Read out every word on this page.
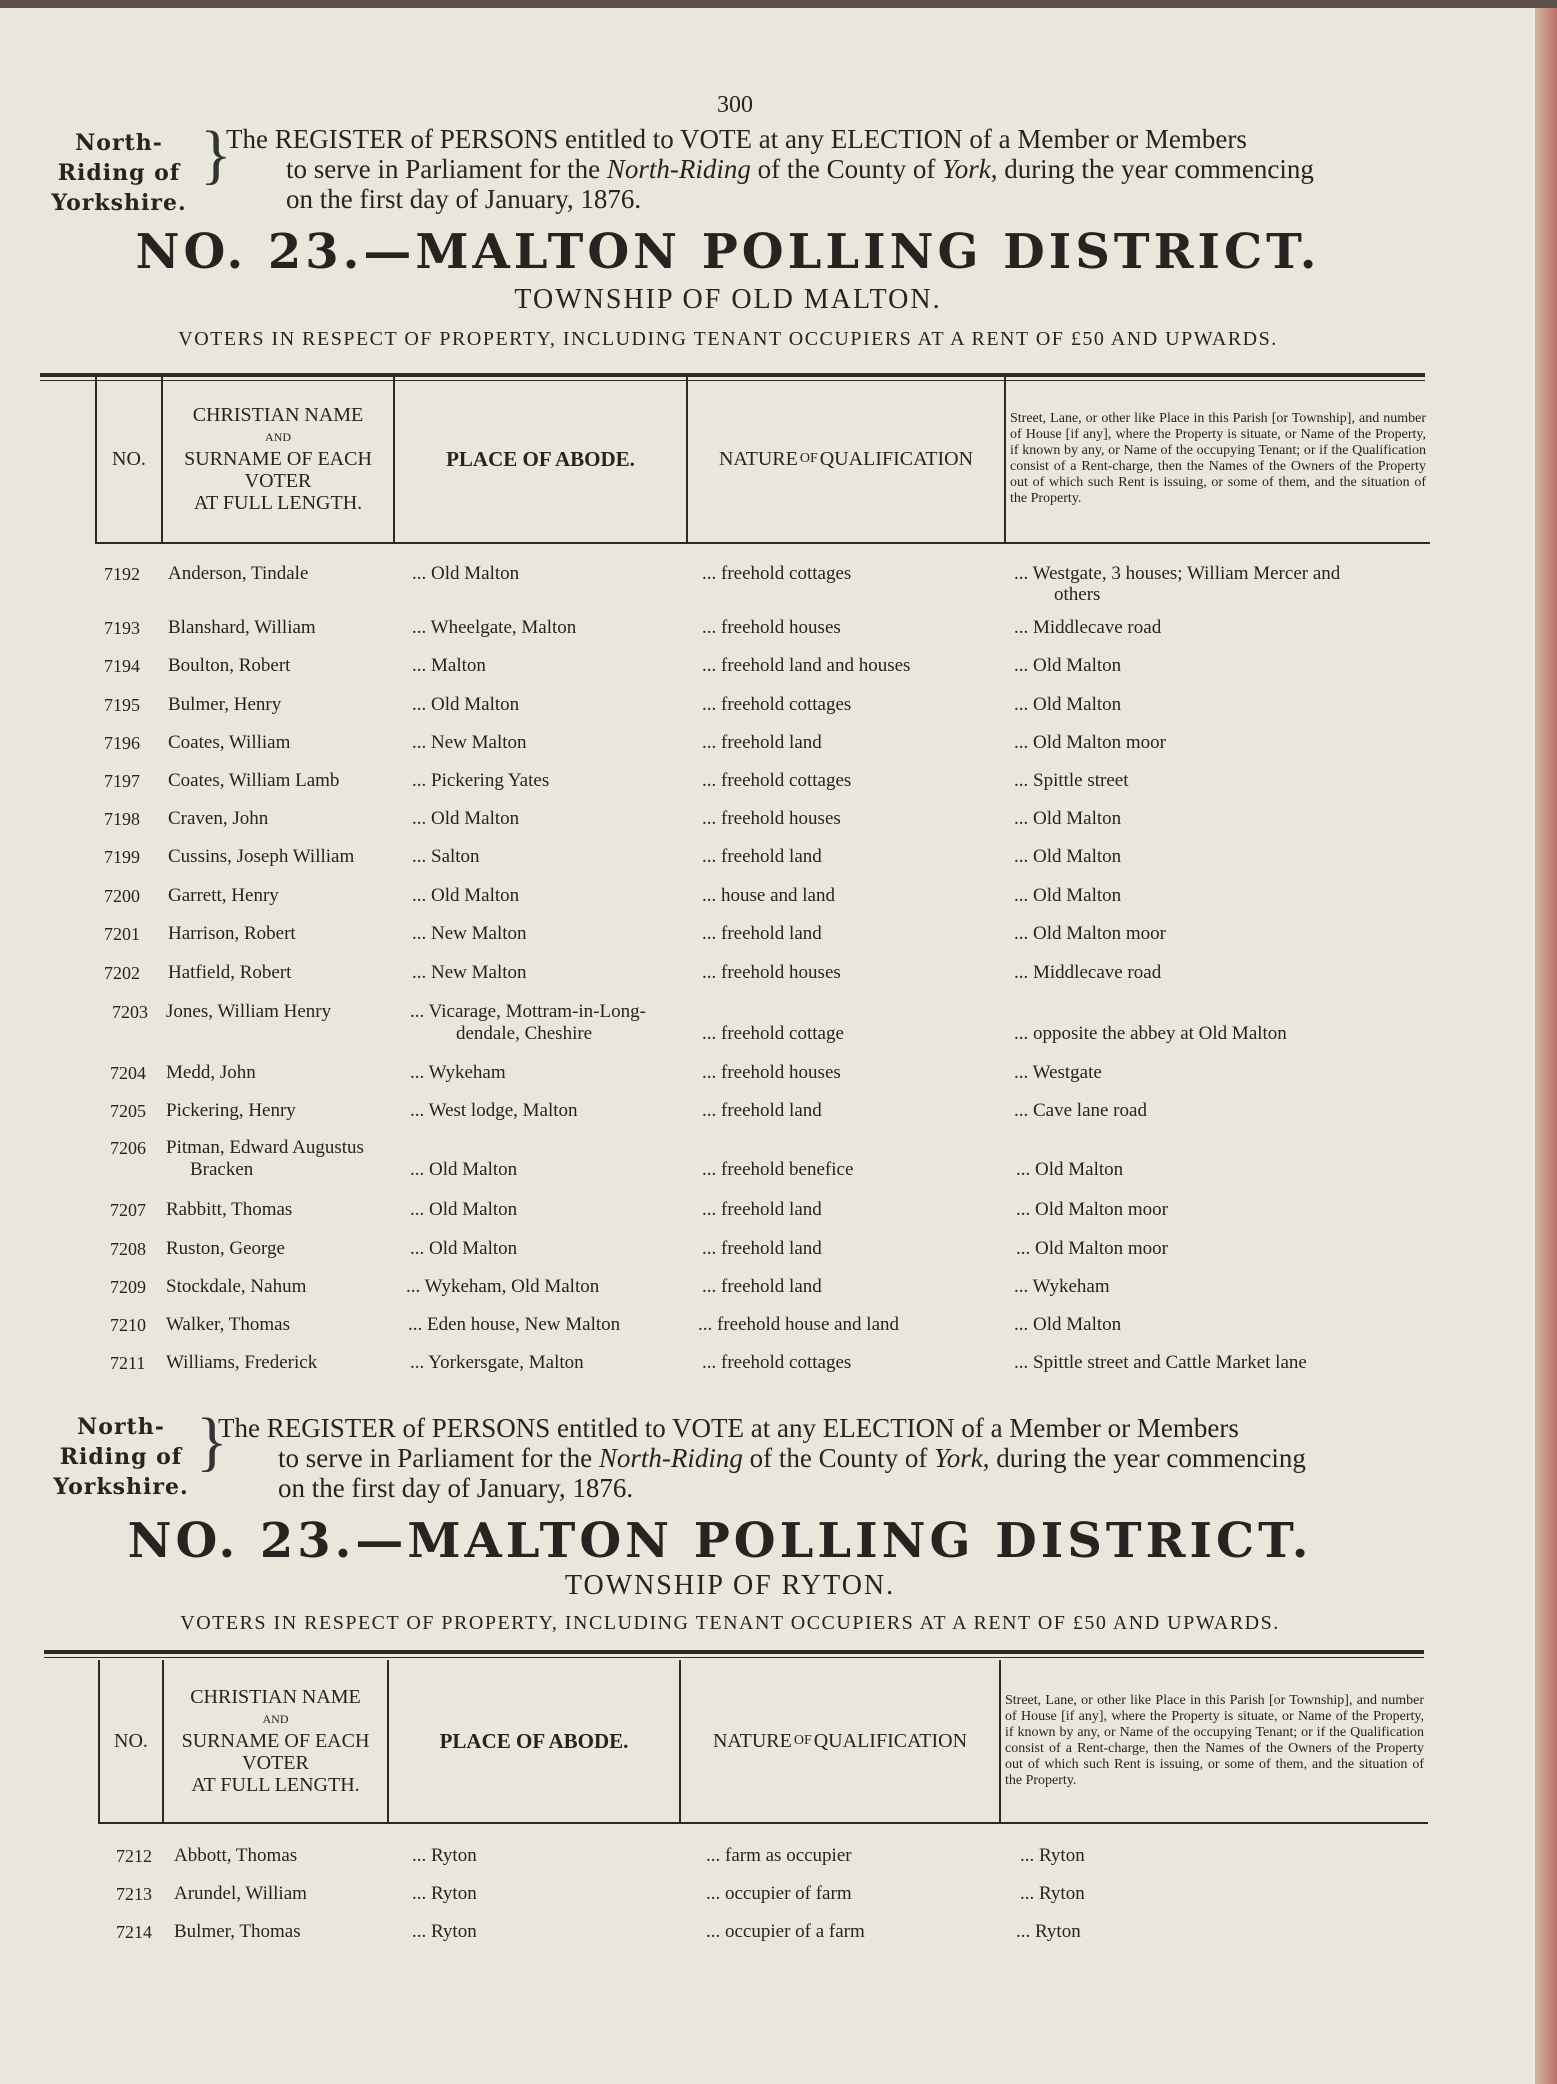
300
North-Riding of Yorkshire.
}
The REGISTER of PERSONS entitled to VOTE at any ELECTION of a Member or Members
to serve in Parliament for the North-Riding of the County of York, during the year commencing
on the first day of January, 1876.
NO. 23.—MALTON POLLING DISTRICT.
TOWNSHIP OF OLD MALTON.
VOTERS IN RESPECT OF PROPERTY, INCLUDING TENANT OCCUPIERS AT A RENT OF £50 AND UPWARDS.
NO.
CHRISTIAN NAME
AND
SURNAME OF EACH
VOTER
AT FULL LENGTH.
PLACE OF ABODE.	NATURE OF QUALIFICATION
Street, Lane, or other like Place in this Parish [or Township], and number of House [if any], where the Property is situate, or Name of the Property, if known by any, or Name of the occupying Tenant; or if the Qualification consist of a Rent-charge, then the Names of the Owners of the Property out of which such Rent is issuing, or some of them, and the situation of the Property.
7192 Anderson, Tindale	... Old Malton	... freehold cottages	... Westgate, 3 houses; William Mercer and
others
7193 Blanshard, William	... Wheelgate, Malton	... freehold houses	... Middlecave road
7194 Boulton, Robert	... Malton	... freehold land and houses	... Old Malton
7195 Bulmer, Henry	... Old Malton	... freehold cottages	... Old Malton
7196 Coates, William	... New Malton	... freehold land	... Old Malton moor
7197 Coates, William Lamb	... Pickering Yates	... freehold cottages	... Spittle street
7198 Craven, John	... Old Malton	... freehold houses	... Old Malton
7199 Cussins, Joseph William	... Salton	... freehold land	... Old Malton
7200 Garrett, Henry	... Old Malton	... house and land	... Old Malton
7201 Harrison, Robert	... New Malton	... freehold land	... Old Malton moor
7202 Hatfield, Robert	... New Malton	... freehold houses	... Middlecave road
7203 Jones, William Henry	... Vicarage, Mottram-in-Long-
dendale, Cheshire	... freehold cottage	... opposite the abbey at Old Malton
7204 Medd, John	... Wykeham	... freehold houses	... Westgate
7205 Pickering, Henry	... West lodge, Malton	... freehold land	... Cave lane road
7206 Pitman, Edward Augustus
Bracken	... Old Malton	... freehold benefice	... Old Malton
7207 Rabbitt, Thomas	... Old Malton	... freehold land	... Old Malton moor
7208 Ruston, George	... Old Malton	... freehold land	... Old Malton moor
7209 Stockdale, Nahum	... Wykeham, Old Malton	... freehold land	... Wykeham
7210 Walker, Thomas	... Eden house, New Malton	... freehold house and land	... Old Malton
7211 Williams, Frederick	... Yorkersgate, Malton	... freehold cottages	... Spittle street and Cattle Market lane
North-Riding of Yorkshire.
}
The REGISTER of PERSONS entitled to VOTE at any ELECTION of a Member or Members
to serve in Parliament for the North-Riding of the County of York, during the year commencing
on the first day of January, 1876.
NO. 23.—MALTON POLLING DISTRICT.
TOWNSHIP OF RYTON.
VOTERS IN RESPECT OF PROPERTY, INCLUDING TENANT OCCUPIERS AT A RENT OF £50 AND UPWARDS.
NO.
CHRISTIAN NAME
AND
SURNAME OF EACH
VOTER
AT FULL LENGTH.
PLACE OF ABODE.	NATURE OF QUALIFICATION
Street, Lane, or other like Place in this Parish [or Township], and number of House [if any], where the Property is situate, or Name of the Property, if known by any, or Name of the occupying Tenant; or if the Qualification consist of a Rent-charge, then the Names of the Owners of the Property out of which such Rent is issuing, or some of them, and the situation of the Property.
7212 Abbott, Thomas	... Ryton	... farm as occupier	... Ryton
7213 Arundel, William	... Ryton	... occupier of farm	... Ryton
7214 Bulmer, Thomas	... Ryton	... occupier of a farm	... Ryton
